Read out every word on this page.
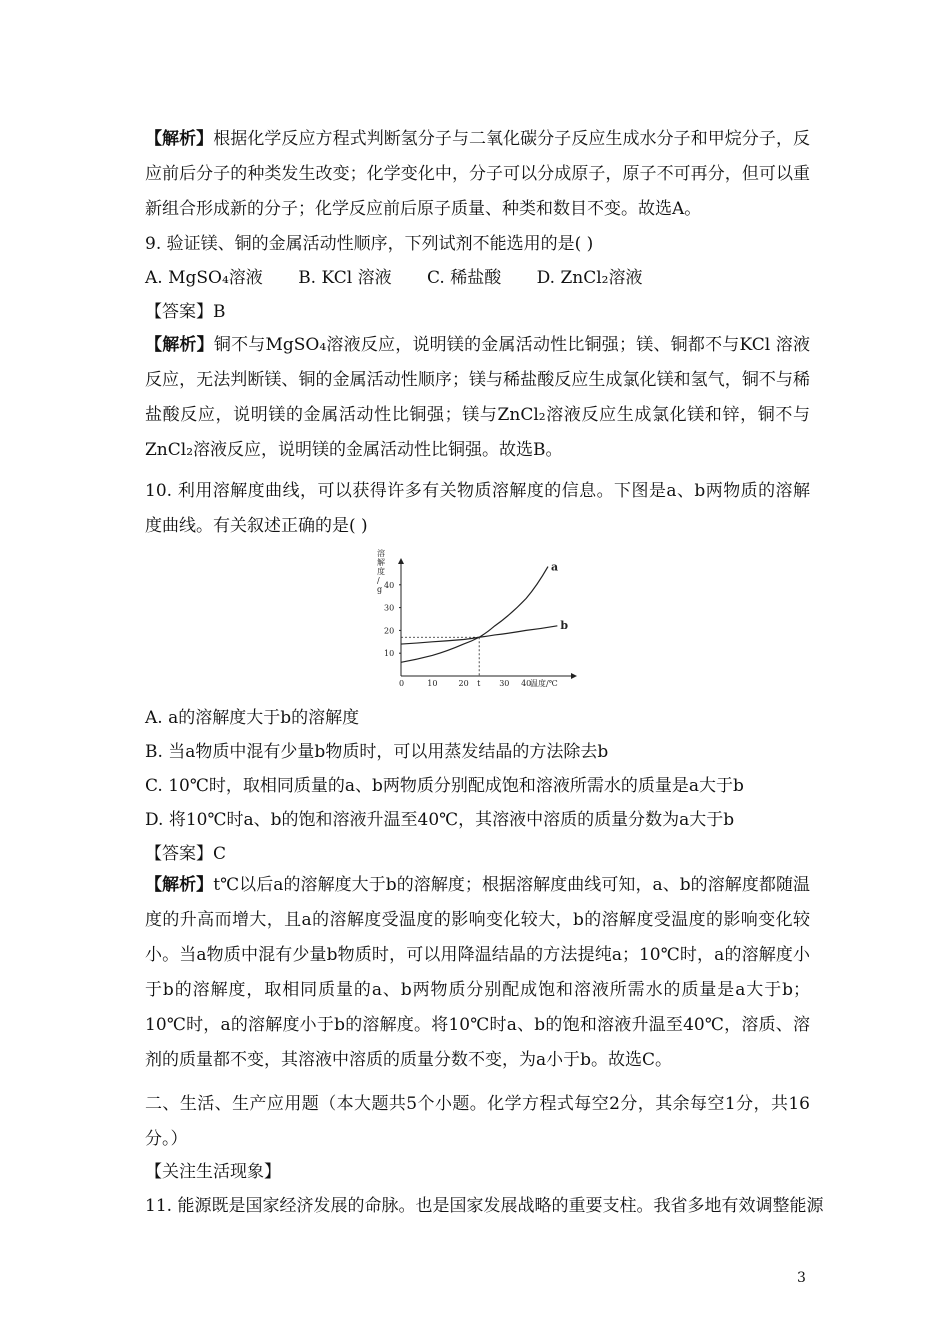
【解析】根据化学反应方程式判断氢分子与二氧化碳分子反应生成水分子和甲烷分子，反应前后分子的种类发生改变；化学变化中，分子可以分成原子，原子不可再分，但可以重新组合形成新的分子；化学反应前后原子质量、种类和数目不变。故选A。

9. 验证镁、铜的金属活动性顺序，下列试剂不能选用的是( )
A. MgSO₄溶液 B. KCl 溶液 C. 稀盐酸 D. ZnCl₂溶液
【答案】B

【解析】铜不与MgSO₄溶液反应，说明镁的金属活动性比铜强；镁、铜都不与KCl 溶液反应，无法判断镁、铜的金属活动性顺序；镁与稀盐酸反应生成氯化镁和氢气，铜不与稀盐酸反应，说明镁的金属活动性比铜强；镁与ZnCl₂溶液反应生成氯化镁和锌，铜不与ZnCl₂溶液反应，说明镁的金属活动性比铜强。故选B。

10. 利用溶解度曲线，可以获得许多有关物质溶解度的信息。下图是a、b两物质的溶解度曲线。有关叙述正确的是( )

溶解度/ g
10
20
30
40
0	10	20 t 30 40
a
b
温度/℃
A. a的溶解度大于b的溶解度
B. 当a物质中混有少量b物质时，可以用蒸发结晶的方法除去b
C. 10℃时，取相同质量的a、b两物质分别配成饱和溶液所需水的质量是a大于b
D. 将10℃时a、b的饱和溶液升温至40℃，其溶液中溶质的质量分数为a大于b
【答案】C

【解析】t℃以后a的溶解度大于b的溶解度；根据溶解度曲线可知，a、b的溶解度都随温度的升高而增大，且a的溶解度受温度的影响变化较大，b的溶解度受温度的影响变化较小。当a物质中混有少量b物质时，可以用降温结晶的方法提纯a；10℃时，a的溶解度小于b的溶解度，取相同质量的a、b两物质分别配成饱和溶液所需水的质量是a大于b；10℃时，a的溶解度小于b的溶解度。将10℃时a、b的饱和溶液升温至40℃，溶质、溶剂的质量都不变，其溶液中溶质的质量分数不变，为a小于b。故选C。

二、生活、生产应用题（本大题共5个小题。化学方程式每空2分，其余每空1分，共16分。）

【关注生活现象】
11. 能源既是国家经济发展的命脉。也是国家发展战略的重要支柱。我省多地有效调整能源
3
